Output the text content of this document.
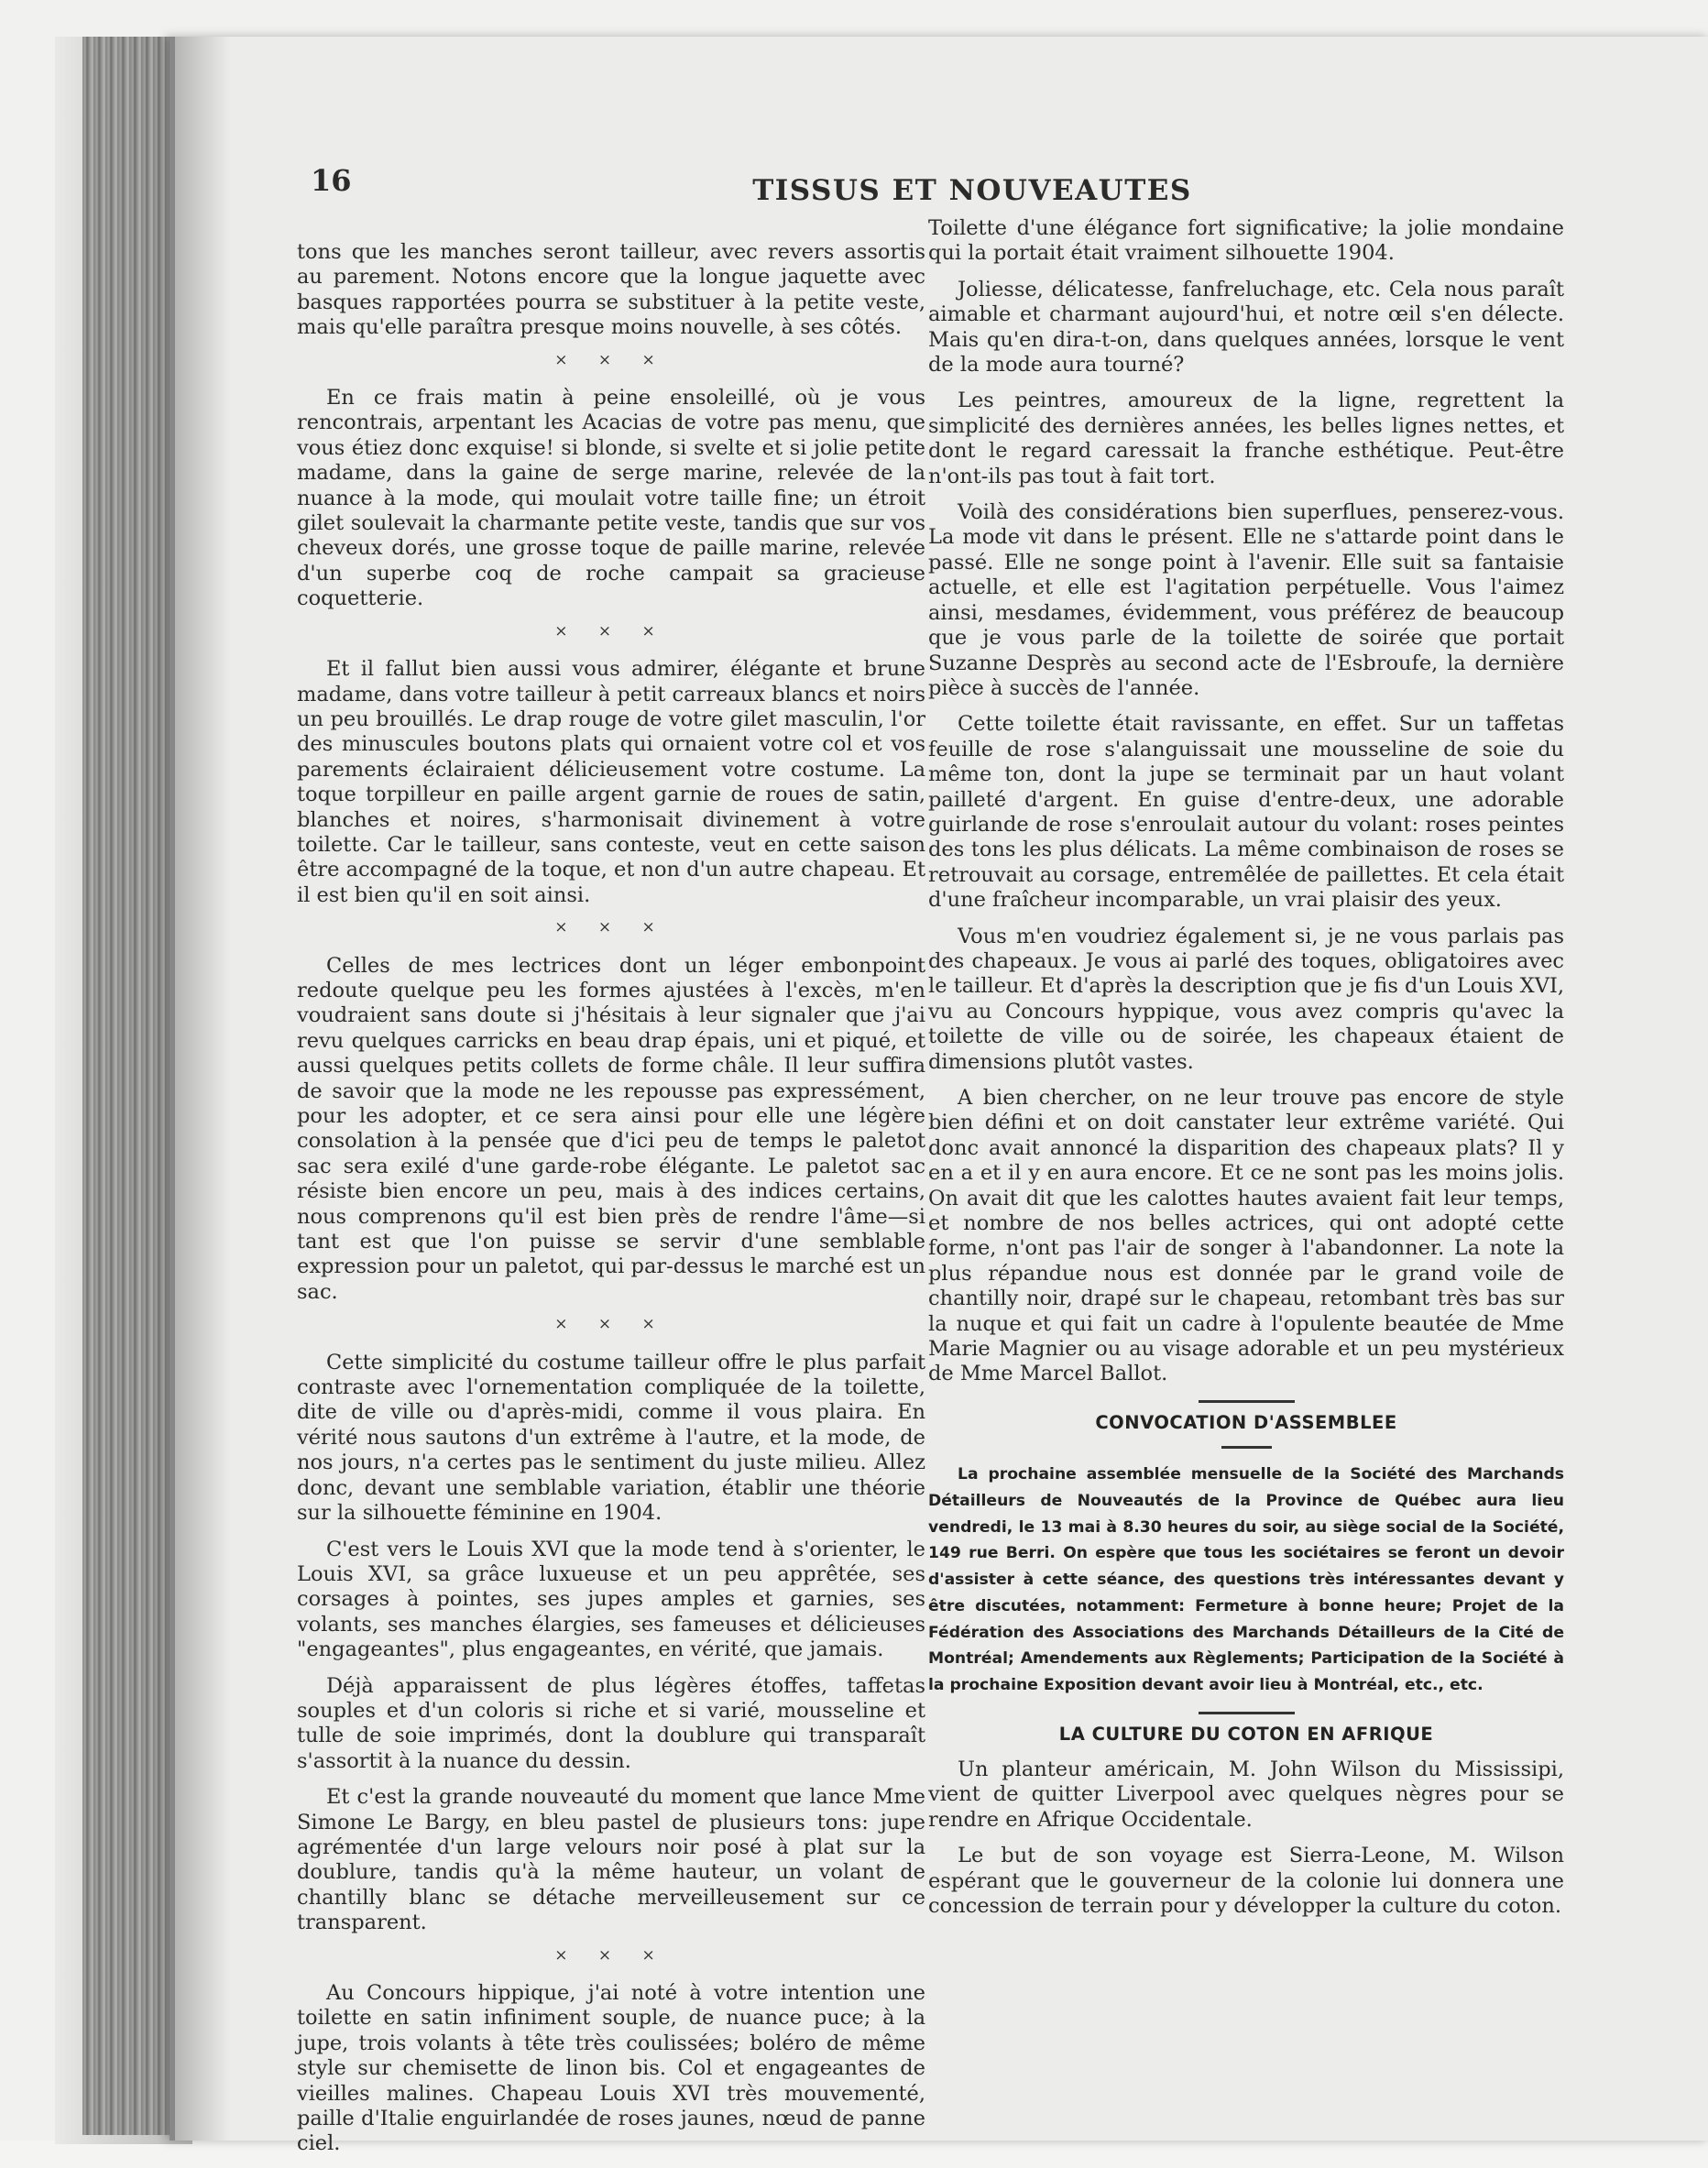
16	TISSUS ET NOUVEAUTES

tons que les manches seront tailleur, avec revers assortis au parement. Notons encore que la longue jaquette avec basques rapportées pourra se substituer à la petite veste, mais qu'elle paraîtra presque moins nouvelle, à ses côtés.

× × ×

En ce frais matin à peine ensoleillé, où je vous rencontrais, arpentant les Acacias de votre pas menu, que vous étiez donc exquise! si blonde, si svelte et si jolie petite madame, dans la gaine de serge marine, relevée de la nuance à la mode, qui moulait votre taille fine; un étroit gilet soulevait la charmante petite veste, tandis que sur vos cheveux dorés, une grosse toque de paille marine, relevée d'un superbe coq de roche campait sa gracieuse coquetterie.

× × ×

Et il fallut bien aussi vous admirer, élégante et brune madame, dans votre tailleur à petit carreaux blancs et noirs un peu brouillés. Le drap rouge de votre gilet masculin, l'or des minuscules boutons plats qui ornaient votre col et vos parements éclairaient délicieusement votre costume. La toque torpilleur en paille argent garnie de roues de satin, blanches et noires, s'harmonisait divinement à votre toilette. Car le tailleur, sans conteste, veut en cette saison être accompagné de la toque, et non d'un autre chapeau. Et il est bien qu'il en soit ainsi.

× × ×

Celles de mes lectrices dont un léger embonpoint redoute quelque peu les formes ajustées à l'excès, m'en voudraient sans doute si j'hésitais à leur signaler que j'ai revu quelques carricks en beau drap épais, uni et piqué, et aussi quelques petits collets de forme châle. Il leur suffira de savoir que la mode ne les repousse pas expressément, pour les adopter, et ce sera ainsi pour elle une légère consolation à la pensée que d'ici peu de temps le paletot sac sera exilé d'une garde-robe élégante. Le paletot sac résiste bien encore un peu, mais à des indices certains, nous comprenons qu'il est bien près de rendre l'âme—si tant est que l'on puisse se servir d'une semblable expression pour un paletot, qui par-dessus le marché est un sac.

× × ×

Cette simplicité du costume tailleur offre le plus parfait contraste avec l'ornementation compliquée de la toilette, dite de ville ou d'après-midi, comme il vous plaira. En vérité nous sautons d'un extrême à l'autre, et la mode, de nos jours, n'a certes pas le sentiment du juste milieu. Allez donc, devant une semblable variation, établir une théorie sur la silhouette féminine en 1904.

C'est vers le Louis XVI que la mode tend à s'orienter, le Louis XVI, sa grâce luxueuse et un peu apprêtée, ses corsages à pointes, ses jupes amples et garnies, ses volants, ses manches élargies, ses fameuses et délicieuses "engageantes", plus engageantes, en vérité, que jamais.

Déjà apparaissent de plus légères étoffes, taffetas souples et d'un coloris si riche et si varié, mousseline et tulle de soie imprimés, dont la doublure qui transparaît s'assortit à la nuance du dessin.

Et c'est la grande nouveauté du moment que lance Mme Simone Le Bargy, en bleu pastel de plusieurs tons: jupe agrémentée d'un large velours noir posé à plat sur la doublure, tandis qu'à la même hauteur, un volant de chantilly blanc se détache merveilleusement sur ce transparent.

× × ×

Au Concours hippique, j'ai noté à votre intention une toilette en satin infiniment souple, de nuance puce; à la jupe, trois volants à tête très coulissées; boléro de même style sur chemisette de linon bis. Col et engageantes de vieilles malines. Chapeau Louis XVI très mouvementé, paille d'Italie enguirlandée de roses jaunes, nœud de panne ciel.

Toilette d'une élégance fort significative; la jolie mondaine qui la portait était vraiment silhouette 1904.

Joliesse, délicatesse, fanfreluchage, etc. Cela nous paraît aimable et charmant aujourd'hui, et notre œil s'en délecte. Mais qu'en dira-t-on, dans quelques années, lorsque le vent de la mode aura tourné?

Les peintres, amoureux de la ligne, regrettent la simplicité des dernières années, les belles lignes nettes, et dont le regard caressait la franche esthétique. Peut-être n'ont-ils pas tout à fait tort.

Voilà des considérations bien superflues, penserez-vous. La mode vit dans le présent. Elle ne s'attarde point dans le passé. Elle ne songe point à l'avenir. Elle suit sa fantaisie actuelle, et elle est l'agitation perpétuelle. Vous l'aimez ainsi, mesdames, évidemment, vous préférez de beaucoup que je vous parle de la toilette de soirée que portait Suzanne Desprès au second acte de l'Esbroufe, la dernière pièce à succès de l'année.

Cette toilette était ravissante, en effet. Sur un taffetas feuille de rose s'alanguissait une mousseline de soie du même ton, dont la jupe se terminait par un haut volant pailleté d'argent. En guise d'entre-deux, une adorable guirlande de rose s'enroulait autour du volant: roses peintes des tons les plus délicats. La même combinaison de roses se retrouvait au corsage, entremêlée de paillettes. Et cela était d'une fraîcheur incomparable, un vrai plaisir des yeux.

Vous m'en voudriez également si, je ne vous parlais pas des chapeaux. Je vous ai parlé des toques, obligatoires avec le tailleur. Et d'après la description que je fis d'un Louis XVI, vu au Concours hyppique, vous avez compris qu'avec la toilette de ville ou de soirée, les chapeaux étaient de dimensions plutôt vastes.

A bien chercher, on ne leur trouve pas encore de style bien défini et on doit canstater leur extrême variété. Qui donc avait annoncé la disparition des chapeaux plats? Il y en a et il y en aura encore. Et ce ne sont pas les moins jolis. On avait dit que les calottes hautes avaient fait leur temps, et nombre de nos belles actrices, qui ont adopté cette forme, n'ont pas l'air de songer à l'abandonner. La note la plus répandue nous est donnée par le grand voile de chantilly noir, drapé sur le chapeau, retombant très bas sur la nuque et qui fait un cadre à l'opulente beautée de Mme Marie Magnier ou au visage adorable et un peu mystérieux de Mme Marcel Ballot.

CONVOCATION D'ASSEMBLEE

La prochaine assemblée mensuelle de la Société des Marchands Détailleurs de Nouveautés de la Province de Québec aura lieu vendredi, le 13 mai à 8.30 heures du soir, au siège social de la Société, 149 rue Berri. On espère que tous les sociétaires se feront un devoir d'assister à cette séance, des questions très intéressantes devant y être discutées, notamment: Fermeture à bonne heure; Projet de la Fédération des Associations des Marchands Détailleurs de la Cité de Montréal; Amendements aux Règlements; Participation de la Société à la prochaine Exposition devant avoir lieu à Montréal, etc., etc.

LA CULTURE DU COTON EN AFRIQUE

Un planteur américain, M. John Wilson du Mississipi, vient de quitter Liverpool avec quelques nègres pour se rendre en Afrique Occidentale.

Le but de son voyage est Sierra-Leone, M. Wilson espérant que le gouverneur de la colonie lui donnera une concession de terrain pour y développer la culture du coton.
